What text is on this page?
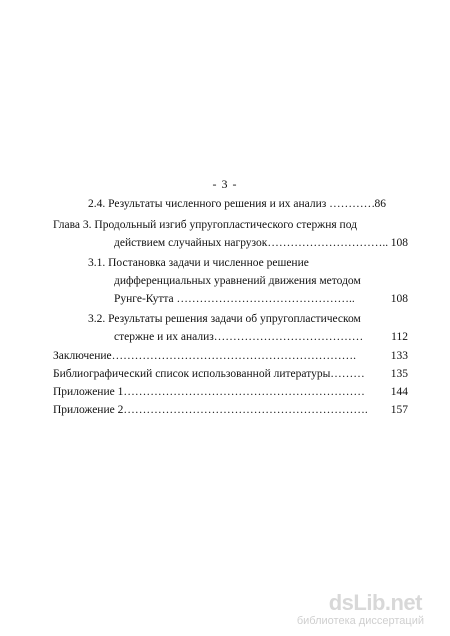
- 3 -
2.4. Результаты численного решения и их анализ ………… 86
Глава 3. Продольный изгиб упругопластического стержня под
действием случайных нагрузок………………………….. 108
3.1. Постановка задачи и численное решение
дифференциальных уравнений движения методом
Рунге-Кутта ………………………………………..	108
3.2. Результаты решения задачи об упругопластическом
стержне и их анализ…………………………………	112
Заключение……………………………………………………….	133
Библиографический список использованной литературы………	135
Приложение 1………………………………………………………	144
Приложение 2……………………………………………………….	157
dsLib.net
библиотека диссертаций
